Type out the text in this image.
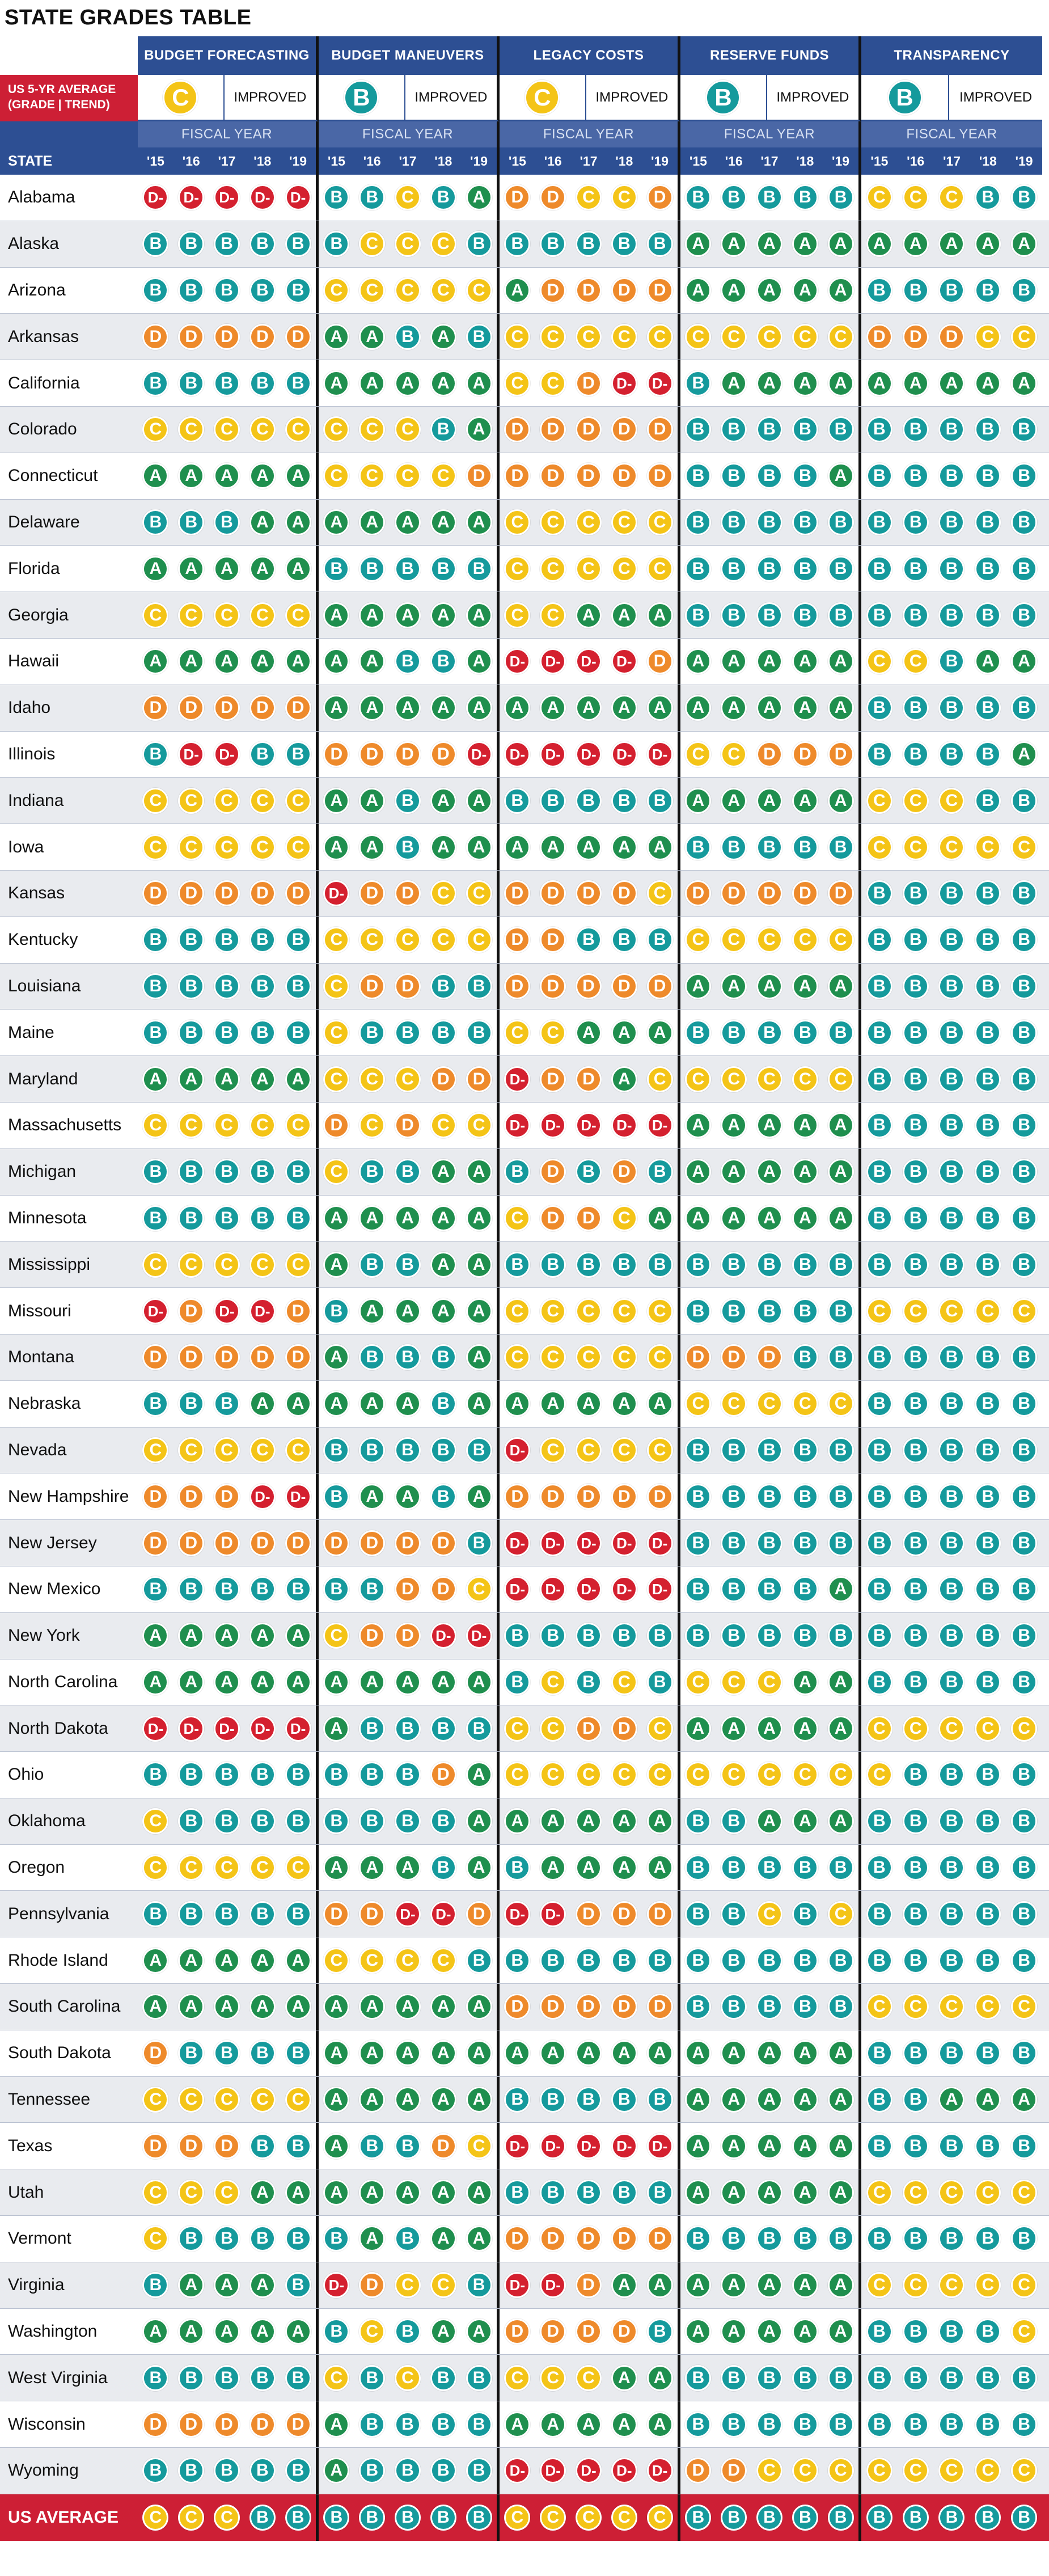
STATE GRADES TABLE
BUDGET FORECASTING	BUDGET MANEUVERS	LEGACY COSTS	RESERVE FUNDS	TRANSPARENCY
US 5-YR AVERAGE (GRADE | TREND)	C	IMPROVED	B	IMPROVED	C	IMPROVED	B	IMPROVED	B	IMPROVED
FISCAL YEAR	FISCAL YEAR	FISCAL YEAR	FISCAL YEAR	FISCAL YEAR
STATE	'15	'16	'17	'18	'19	'15	'16	'17	'18	'19	'15	'16	'17	'18	'19	'15	'16	'17	'18	'19	'15	'16	'17	'18	'19
Alabama	D-	D-	D-	D-	D-	B	B	C	B	A	D	D	C	C	D	B	B	B	B	B	C	C	C	B	B
Alaska	B	B	B	B	B	B	C	C	C	B	B	B	B	B	B	A	A	A	A	A	A	A	A	A	A
Arizona	B	B	B	B	B	C	C	C	C	C	A	D	D	D	D	A	A	A	A	A	B	B	B	B	B
Arkansas	D	D	D	D	D	A	A	B	A	B	C	C	C	C	C	C	C	C	C	C	D	D	D	C	C
California	B	B	B	B	B	A	A	A	A	A	C	C	D	D-	D-	B	A	A	A	A	A	A	A	A	A
Colorado	C	C	C	C	C	C	C	C	B	A	D	D	D	D	D	B	B	B	B	B	B	B	B	B	B
Connecticut	A	A	A	A	A	C	C	C	C	D	D	D	D	D	D	B	B	B	B	A	B	B	B	B	B
Delaware	B	B	B	A	A	A	A	A	A	A	C	C	C	C	C	B	B	B	B	B	B	B	B	B	B
Florida	A	A	A	A	A	B	B	B	B	B	C	C	C	C	C	B	B	B	B	B	B	B	B	B	B
Georgia	C	C	C	C	C	A	A	A	A	A	C	C	A	A	A	B	B	B	B	B	B	B	B	B	B
Hawaii	A	A	A	A	A	A	A	B	B	A	D-	D-	D-	D-	D	A	A	A	A	A	C	C	B	A	A
Idaho	D	D	D	D	D	A	A	A	A	A	A	A	A	A	A	A	A	A	A	A	B	B	B	B	B
Illinois	B	D-	D-	B	B	D	D	D	D	D-	D-	D-	D-	D-	D-	C	C	D	D	D	B	B	B	B	A
Indiana	C	C	C	C	C	A	A	B	A	A	B	B	B	B	B	A	A	A	A	A	C	C	C	B	B
Iowa	C	C	C	C	C	A	A	B	A	A	A	A	A	A	A	B	B	B	B	B	C	C	C	C	C
Kansas	D	D	D	D	D	D-	D	D	C	C	D	D	D	D	C	D	D	D	D	D	B	B	B	B	B
Kentucky	B	B	B	B	B	C	C	C	C	C	D	D	B	B	B	C	C	C	C	C	B	B	B	B	B
Louisiana	B	B	B	B	B	C	D	D	B	B	D	D	D	D	D	A	A	A	A	A	B	B	B	B	B
Maine	B	B	B	B	B	C	B	B	B	B	C	C	A	A	A	B	B	B	B	B	B	B	B	B	B
Maryland	A	A	A	A	A	C	C	C	D	D	D-	D	D	A	C	C	C	C	C	C	B	B	B	B	B
Massachusetts	C	C	C	C	C	D	C	D	C	C	D-	D-	D-	D-	D-	A	A	A	A	A	B	B	B	B	B
Michigan	B	B	B	B	B	C	B	B	A	A	B	D	B	D	B	A	A	A	A	A	B	B	B	B	B
Minnesota	B	B	B	B	B	A	A	A	A	A	C	D	D	C	A	A	A	A	A	A	B	B	B	B	B
Mississippi	C	C	C	C	C	A	B	B	A	A	B	B	B	B	B	B	B	B	B	B	B	B	B	B	B
Missouri	D-	D	D-	D-	D	B	A	A	A	A	C	C	C	C	C	B	B	B	B	B	C	C	C	C	C
Montana	D	D	D	D	D	A	B	B	B	A	C	C	C	C	C	D	D	D	B	B	B	B	B	B	B
Nebraska	B	B	B	A	A	A	A	A	B	A	A	A	A	A	A	C	C	C	C	C	B	B	B	B	B
Nevada	C	C	C	C	C	B	B	B	B	B	D-	C	C	C	C	B	B	B	B	B	B	B	B	B	B
New Hampshire	D	D	D	D-	D-	B	A	A	B	A	D	D	D	D	D	B	B	B	B	B	B	B	B	B	B
New Jersey	D	D	D	D	D	D	D	D	D	B	D-	D-	D-	D-	D-	B	B	B	B	B	B	B	B	B	B
New Mexico	B	B	B	B	B	B	B	D	D	C	D-	D-	D-	D-	D-	B	B	B	B	A	B	B	B	B	B
New York	A	A	A	A	A	C	D	D	D-	D-	B	B	B	B	B	B	B	B	B	B	B	B	B	B	B
North Carolina	A	A	A	A	A	A	A	A	A	A	B	C	B	C	B	C	C	C	A	A	B	B	B	B	B
North Dakota	D-	D-	D-	D-	D-	A	B	B	B	B	C	C	D	D	C	A	A	A	A	A	C	C	C	C	C
Ohio	B	B	B	B	B	B	B	B	D	A	C	C	C	C	C	C	C	C	C	C	C	B	B	B	B
Oklahoma	C	B	B	B	B	B	B	B	B	A	A	A	A	A	A	B	B	A	A	A	B	B	B	B	B
Oregon	C	C	C	C	C	A	A	A	B	A	B	A	A	A	A	B	B	B	B	B	B	B	B	B	B
Pennsylvania	B	B	B	B	B	D	D	D-	D-	D	D-	D-	D	D	D	B	B	C	B	C	B	B	B	B	B
Rhode Island	A	A	A	A	A	C	C	C	C	B	B	B	B	B	B	B	B	B	B	B	B	B	B	B	B
South Carolina	A	A	A	A	A	A	A	A	A	A	D	D	D	D	D	B	B	B	B	B	C	C	C	C	C
South Dakota	D	B	B	B	B	A	A	A	A	A	A	A	A	A	A	A	A	A	A	A	B	B	B	B	B
Tennessee	C	C	C	C	C	A	A	A	A	A	B	B	B	B	B	A	A	A	A	A	B	B	A	A	A
Texas	D	D	D	B	B	A	B	B	D	C	D-	D-	D-	D-	D-	A	A	A	A	A	B	B	B	B	B
Utah	C	C	C	A	A	A	A	A	A	A	B	B	B	B	B	A	A	A	A	A	C	C	C	C	C
Vermont	C	B	B	B	B	B	A	B	A	A	D	D	D	D	D	B	B	B	B	B	B	B	B	B	B
Virginia	B	A	A	A	B	D-	D	C	C	B	D-	D-	D	A	A	A	A	A	A	A	C	C	C	C	C
Washington	A	A	A	A	A	B	C	B	A	A	D	D	D	D	B	A	A	A	A	A	B	B	B	B	C
West Virginia	B	B	B	B	B	C	B	C	B	B	C	C	C	A	A	B	B	B	B	B	B	B	B	B	B
Wisconsin	D	D	D	D	D	A	B	B	B	B	A	A	A	A	A	B	B	B	B	B	B	B	B	B	B
Wyoming	B	B	B	B	B	A	B	B	B	B	D-	D-	D-	D-	D-	D	D	C	C	C	C	C	C	C	C
US AVERAGE	C	C	C	B	B	B	B	B	B	B	C	C	C	C	C	B	B	B	B	B	B	B	B	B	B
